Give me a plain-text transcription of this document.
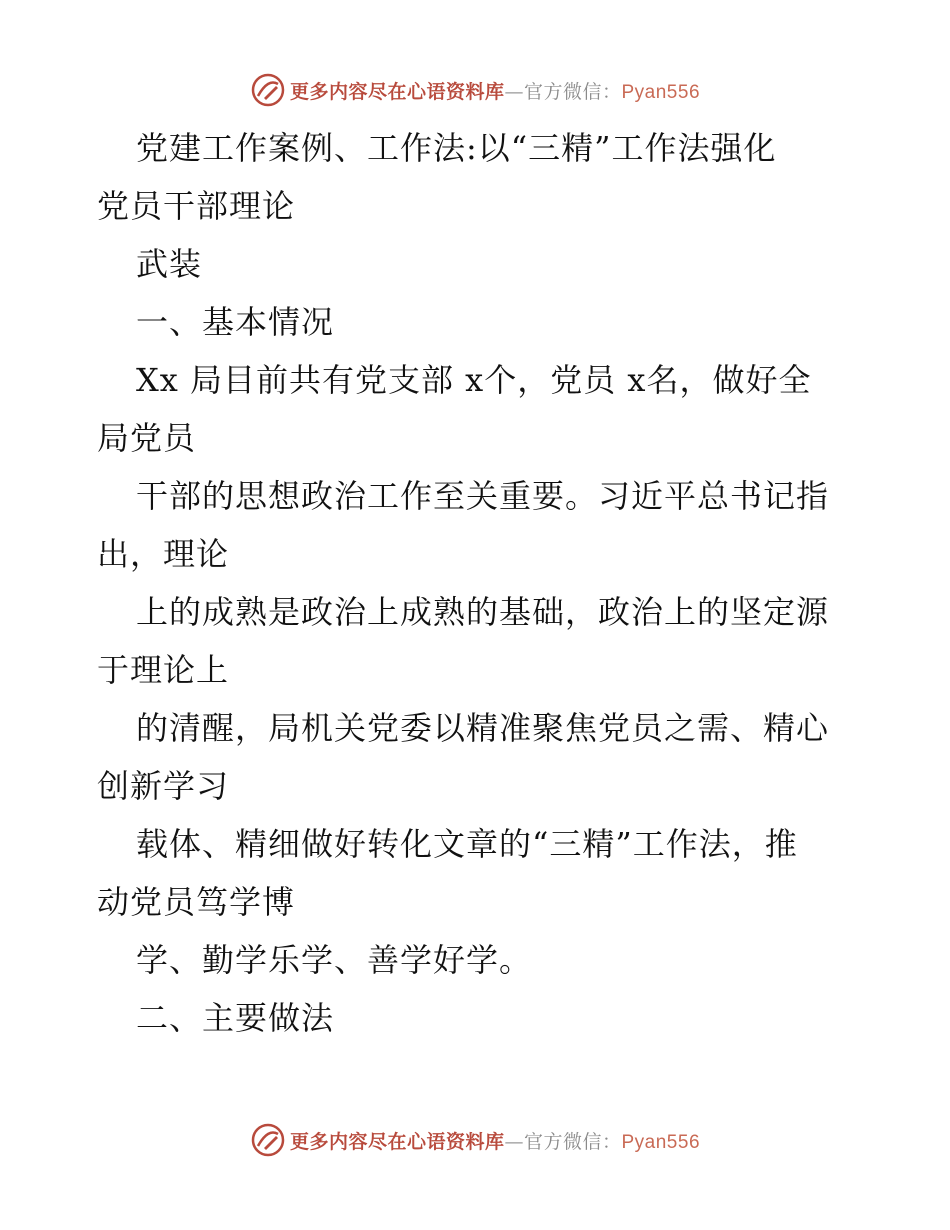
更多内容尽在心语资料库—官方微信：Pyan556
党建工作案例、工作法:以“三精”工作法强化
党员干部理论
武装
一、基本情况
Xx 局目前共有党支部 x个，党员 x名，做好全
局党员
干部的思想政治工作至关重要。习近平总书记指
出，理论
上的成熟是政治上成熟的基础，政治上的坚定源
于理论上
的清醒，局机关党委以精准聚焦党员之需、精心
创新学习
载体、精细做好转化文章的“三精”工作法，推
动党员笃学博
学、勤学乐学、善学好学。
二、主要做法
更多内容尽在心语资料库—官方微信：Pyan556
